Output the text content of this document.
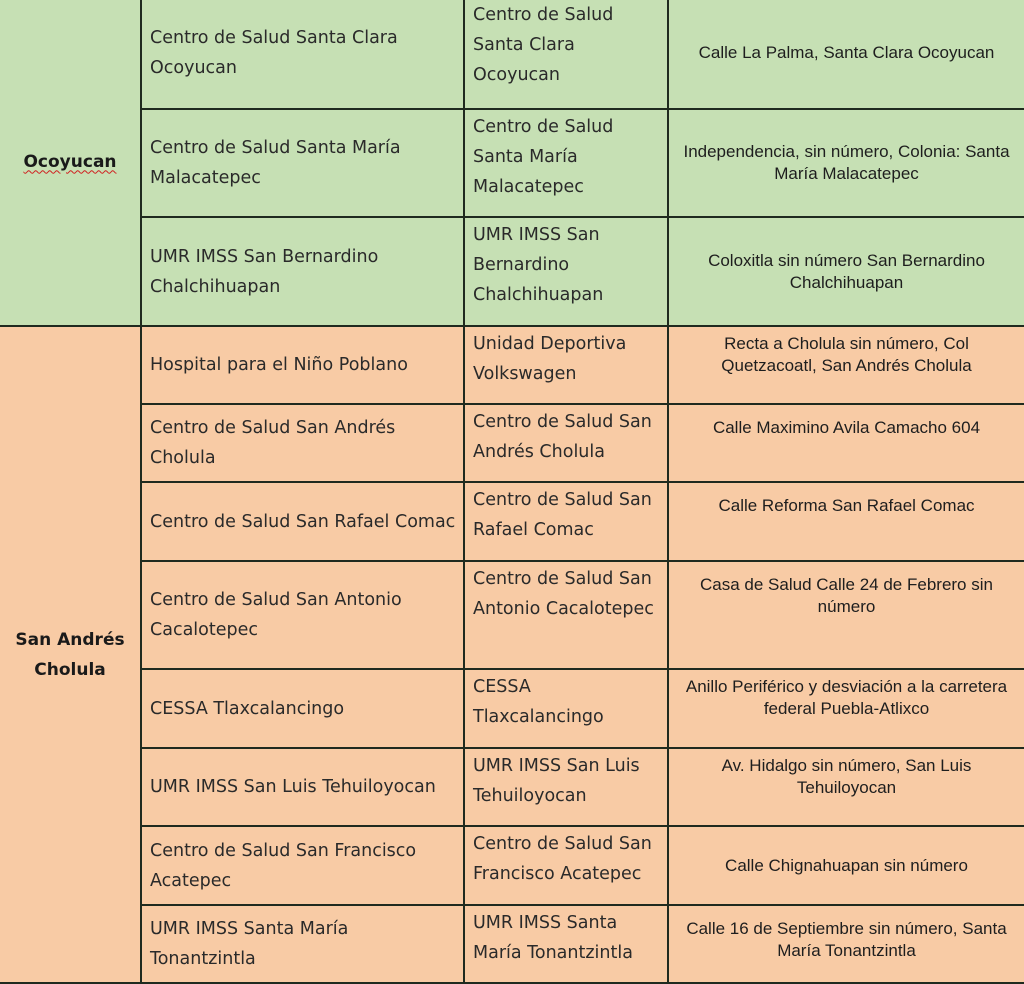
Ocoyucan	Centro de Salud Santa Clara Ocoyucan	Centro de Salud Santa Clara Ocoyucan	Calle La Palma, Santa Clara Ocoyucan
	Centro de Salud Santa María Malacatepec	Centro de Salud Santa María Malacatepec	Independencia, sin número, Colonia: Santa María Malacatepec
	UMR IMSS San Bernardino Chalchihuapan	UMR IMSS San Bernardino Chalchihuapan	Coloxitla sin número San Bernardino Chalchihuapan
San Andrés Cholula	Hospital para el Niño Poblano	Unidad Deportiva Volkswagen	Recta a Cholula sin número, Col Quetzacoatl, San Andrés Cholula
	Centro de Salud San Andrés Cholula	Centro de Salud San Andrés Cholula	Calle Maximino Avila Camacho 604
	Centro de Salud San Rafael Comac	Centro de Salud San Rafael Comac	Calle Reforma San Rafael Comac
	Centro de Salud San Antonio Cacalotepec	Centro de Salud San Antonio Cacalotepec	Casa de Salud Calle 24 de Febrero sin número
	CESSA Tlaxcalancingo	CESSA Tlaxcalancingo	Anillo Periférico y desviación a la carretera federal Puebla-Atlixco
	UMR IMSS San Luis Tehuiloyocan	UMR IMSS San Luis Tehuiloyocan	Av. Hidalgo sin número, San Luis Tehuiloyocan
	Centro de Salud San Francisco Acatepec	Centro de Salud San Francisco Acatepec	Calle Chignahuapan sin número
	UMR IMSS Santa María Tonantzintla	UMR IMSS Santa María Tonantzintla	Calle 16 de Septiembre sin número, Santa María Tonantzintla
